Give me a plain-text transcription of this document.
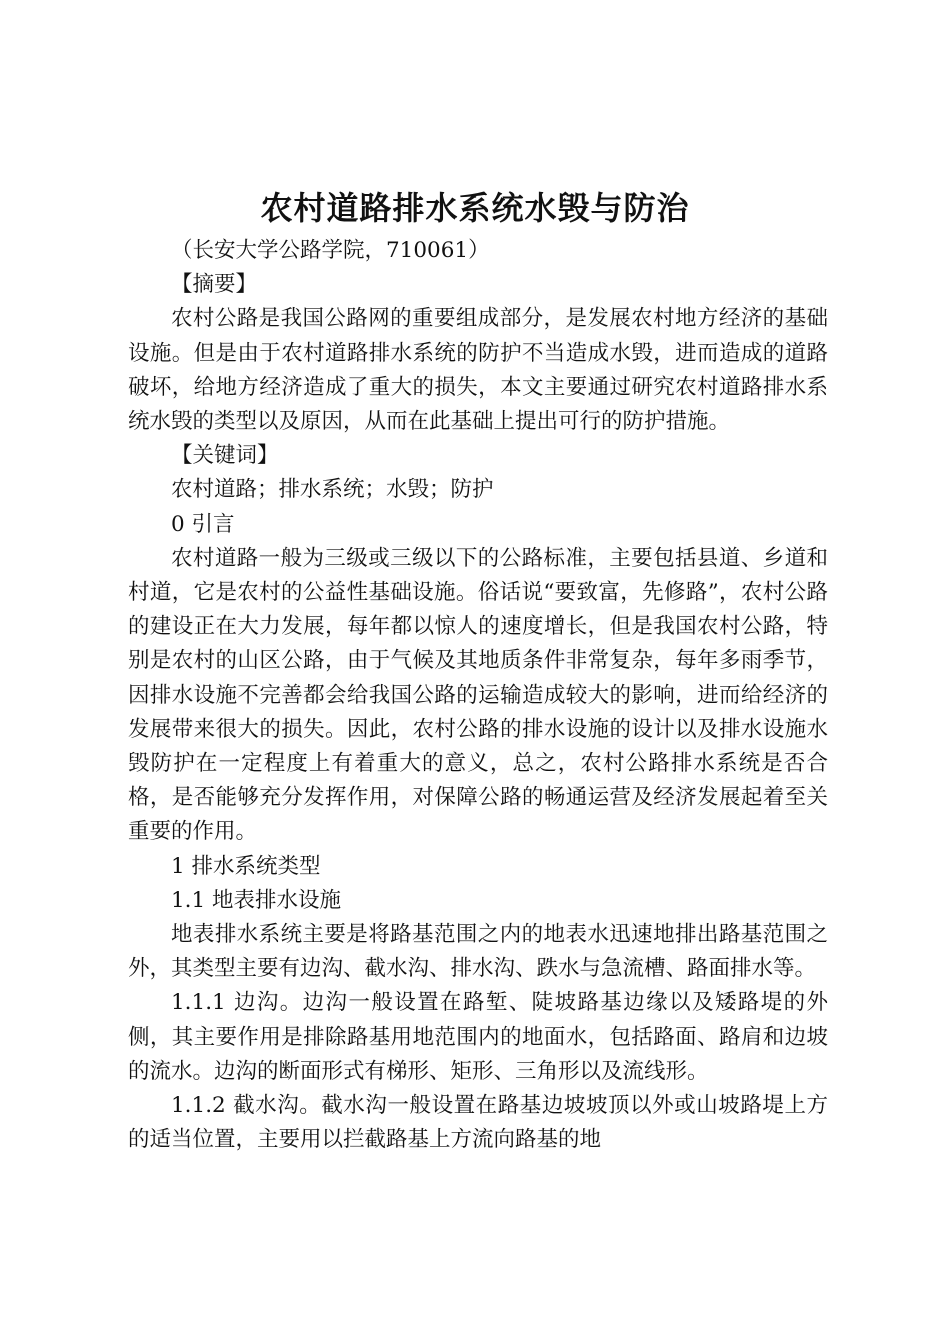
农村道路排水系统水毁与防治

（长安大学公路学院，710061）

【摘要】

农村公路是我国公路网的重要组成部分，是发展农村地方经济的基础设施。但是由于农村道路排水系统的防护不当造成水毁，进而造成的道路破坏，给地方经济造成了重大的损失，本文主要通过研究农村道路排水系统水毁的类型以及原因，从而在此基础上提出可行的防护措施。

【关键词】

农村道路；排水系统；水毁；防护

0 引言

农村道路一般为三级或三级以下的公路标准，主要包括县道、乡道和村道，它是农村的公益性基础设施。俗话说“要致富，先修路”，农村公路的建设正在大力发展，每年都以惊人的速度增长，但是我国农村公路，特别是农村的山区公路，由于气候及其地质条件非常复杂，每年多雨季节，因排水设施不完善都会给我国公路的运输造成较大的影响，进而给经济的发展带来很大的损失。因此，农村公路的排水设施的设计以及排水设施水毁防护在一定程度上有着重大的意义，总之，农村公路排水系统是否合格，是否能够充分发挥作用，对保障公路的畅通运营及经济发展起着至关重要的作用。

1 排水系统类型

1.1 地表排水设施

地表排水系统主要是将路基范围之内的地表水迅速地排出路基范围之外，其类型主要有边沟、截水沟、排水沟、跌水与急流槽、路面排水等。

1.1.1 边沟。边沟一般设置在路堑、陡坡路基边缘以及矮路堤的外侧，其主要作用是排除路基用地范围内的地面水，包括路面、路肩和边坡的流水。边沟的断面形式有梯形、矩形、三角形以及流线形。

1.1.2 截水沟。截水沟一般设置在路基边坡坡顶以外或山坡路堤上方的适当位置，主要用以拦截路基上方流向路基的地
